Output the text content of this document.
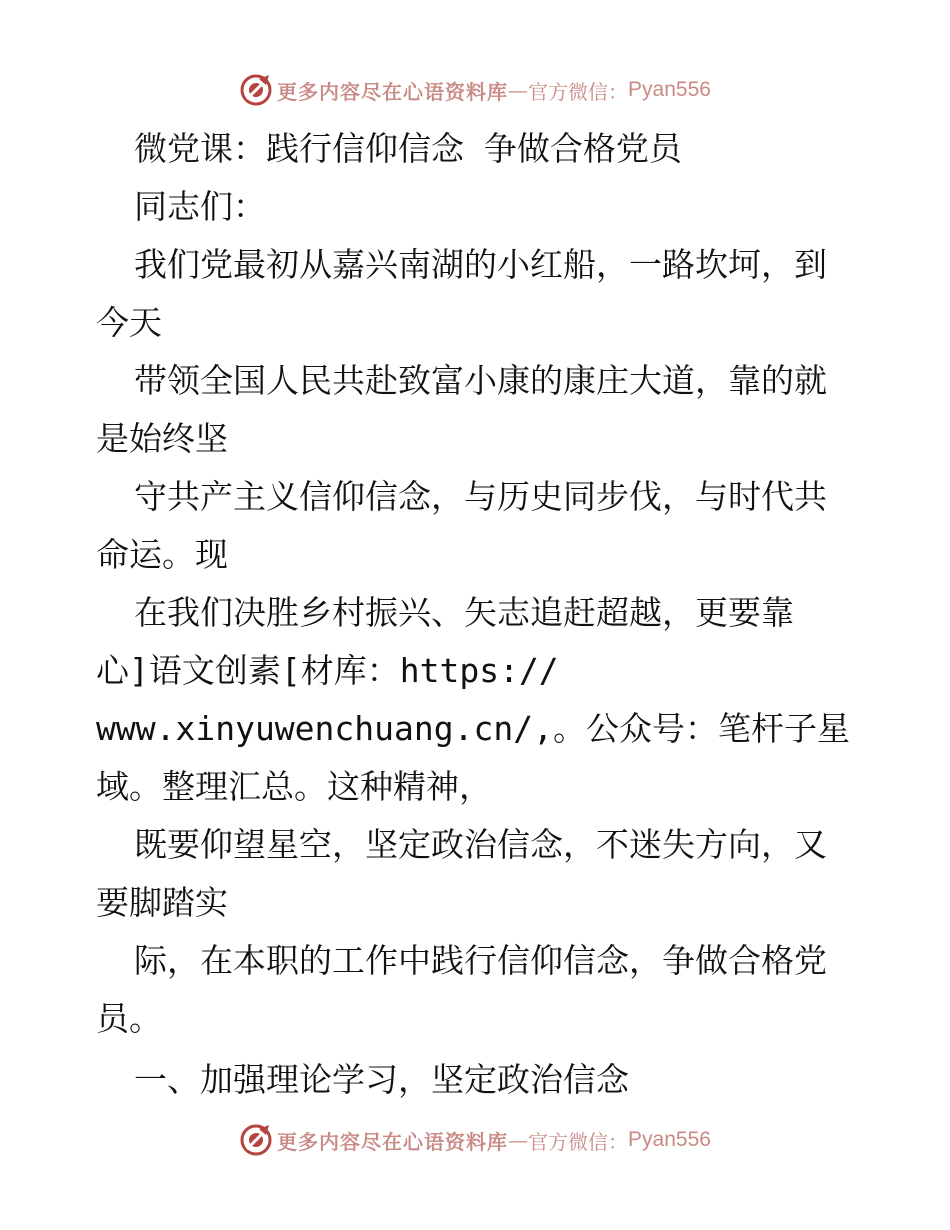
更多内容尽在心语资料库 — 官方微信： Pyan556
微党课：践行信仰信念 争做合格党员
同志们：
我们党最初从嘉兴南湖的小红船，一路坎坷，到
今天
带领全国人民共赴致富小康的康庄大道，靠的就
是始终坚
守共产主义信仰信念，与历史同步伐，与时代共
命运。现
在我们决胜乡村振兴、矢志追赶超越，更要靠
心]语文创素[材库：https://
www.xinyuwenchuang.cn/,。公众号：笔杆子星
域。整理汇总。这种精神，
既要仰望星空，坚定政治信念，不迷失方向，又
要脚踏实
际，在本职的工作中践行信仰信念，争做合格党
员。
一、加强理论学习，坚定政治信念
更多内容尽在心语资料库 — 官方微信： Pyan556
